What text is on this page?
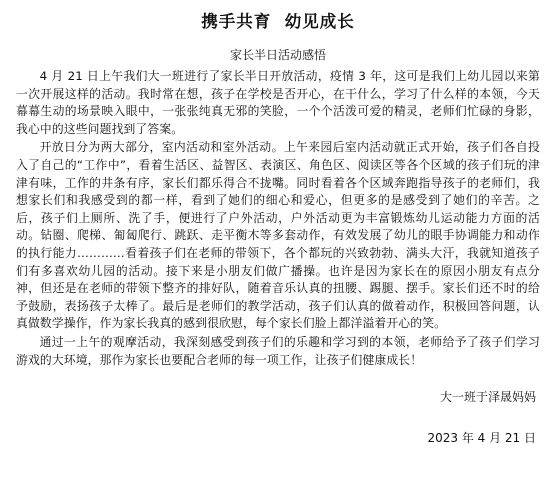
携手共育  幼见成长
家长半日活动感悟

4 月 21 日上午我们大一班进行了家长半日开放活动，疫情 3 年，这可是我们上幼儿园以来第一次开展这样的活动。我时常在想，孩子在学校是否开心，在干什么，学习了什么样的本领，今天幕幕生动的场景映入眼中，一张张纯真无邪的笑脸，一个个活泼可爱的精灵，老师们忙碌的身影，我心中的这些问题找到了答案。

开放日分为两大部分，室内活动和室外活动。上午来园后室内活动就正式开始，孩子们各自投入了自己的“工作中”，看着生活区、益智区、表演区、角色区、阅读区等各个区域的孩子们玩的津津有味，工作的井条有序，家长们都乐得合不拢嘴。同时看着各个区域奔跑指导孩子的老师们，我想家长们和我感受到的都一样，看到了她们的细心和爱心，但更多的是感受到了她们的辛苦。之后，孩子们上厕所、洗了手，便进行了户外活动，户外活动更为丰富锻炼幼儿运动能力方面的活动。钻圈、爬梯、匍匐爬行、跳跃、走平衡木等多套动作，有效发展了幼儿的眼手协调能力和动作的执行能力…………看着孩子们在老师的带领下，各个都玩的兴致勃勃、满头大汗，我就知道孩子们有多喜欢幼儿园的活动。接下来是小朋友们做广播操。也许是因为家长在的原因小朋友有点分神，但还是在老师的带领下整齐的排好队，随着音乐认真的扭腰、踢腿、摆手。家长们还不时的给予鼓励，表扬孩子太棒了。最后是老师们的教学活动，孩子们认真的做着动作，积极回答问题，认真做数学操作，作为家长我真的感到很欣慰，每个家长们脸上都洋溢着开心的笑。

通过一上午的观摩活动，我深刻感受到孩子们的乐趣和学习到的本领，老师给予了孩子们学习游戏的大环境，那作为家长也要配合老师的每一项工作，让孩子们健康成长！

大一班于泽晟妈妈
2023 年 4 月 21 日
